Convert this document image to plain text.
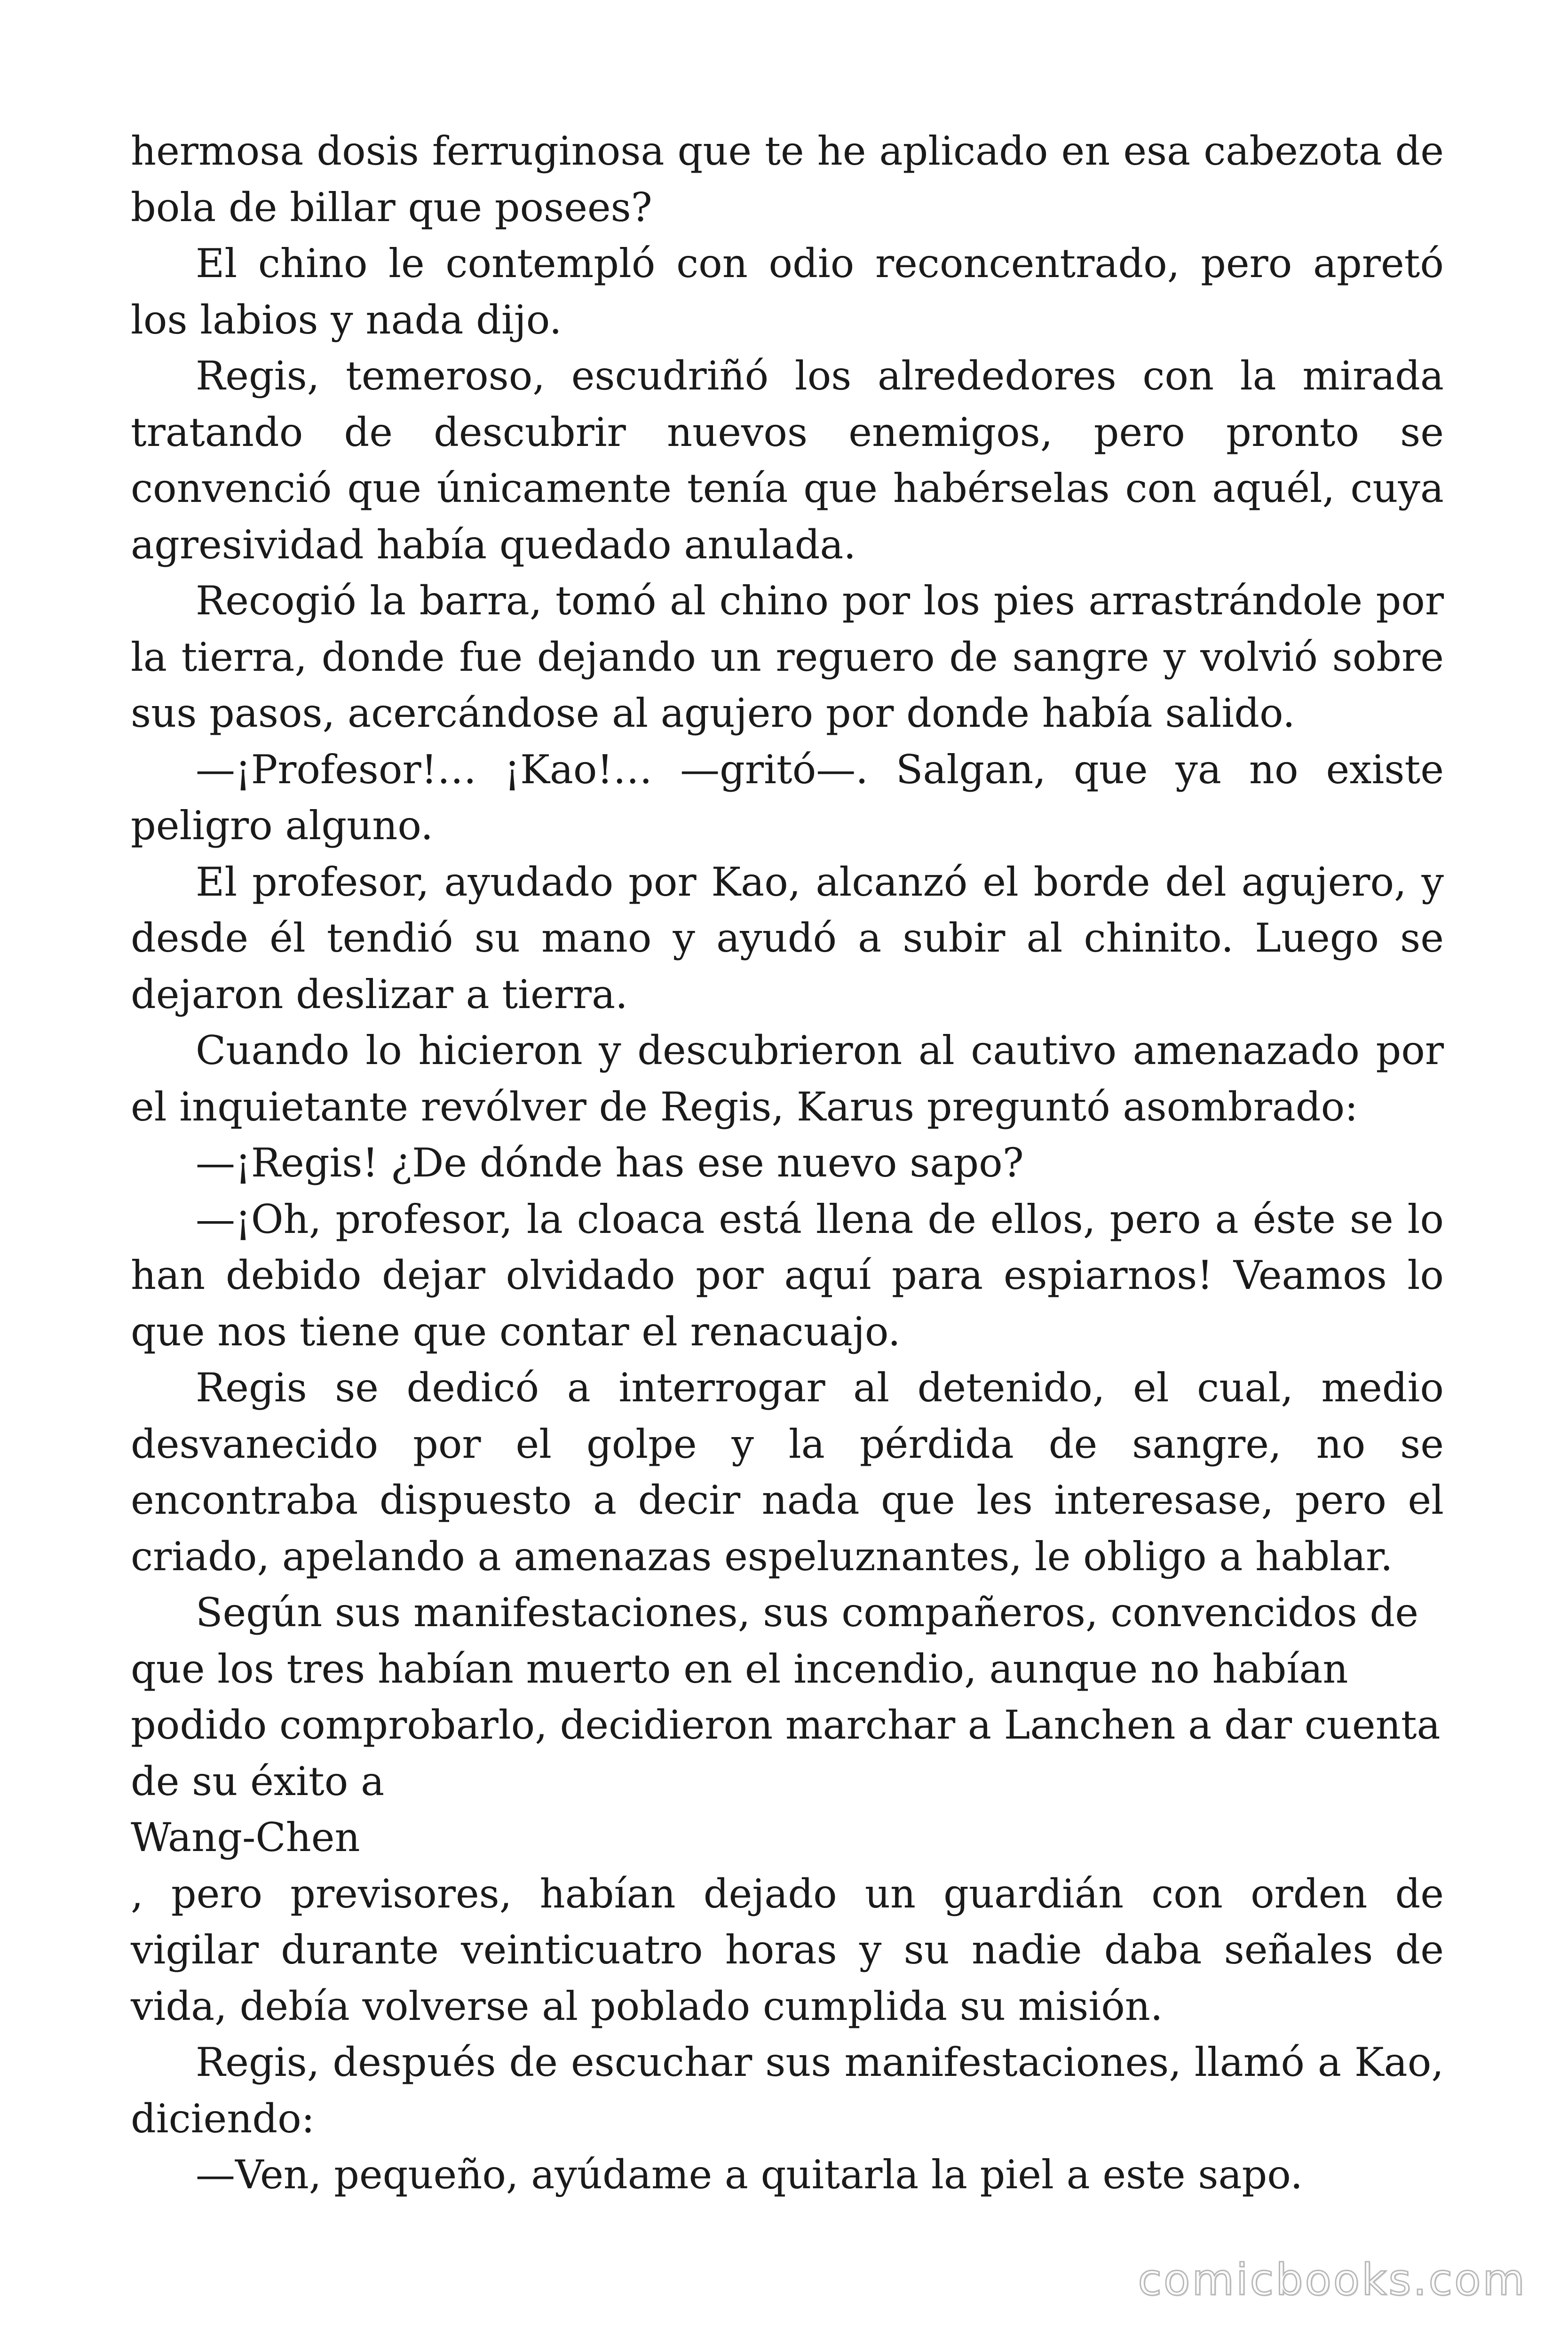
hermosa dosis ferruginosa que te he aplicado en esa cabezota de bola de billar que posees?

El chino le contempló con odio reconcentrado, pero apretó los labios y nada dijo.

Regis, temeroso, escudriñó los alrededores con la mirada tratando de descubrir nuevos enemigos, pero pronto se convenció que únicamente tenía que habérselas con aquél, cuya agresividad había quedado anulada.

Recogió la barra, tomó al chino por los pies arrastrándole por la tierra, donde fue dejando un reguero de sangre y volvió sobre sus pasos, acercándose al agujero por donde había salido.

—¡Profesor!… ¡Kao!… —gritó—. Salgan, que ya no existe peligro alguno.

El profesor, ayudado por Kao, alcanzó el borde del agujero, y desde él tendió su mano y ayudó a subir al chinito. Luego se dejaron deslizar a tierra.

Cuando lo hicieron y descubrieron al cautivo amenazado por el inquietante revólver de Regis, Karus preguntó asombrado:

—¡Regis! ¿De dónde has ese nuevo sapo?

—¡Oh, profesor, la cloaca está llena de ellos, pero a éste se lo han debido dejar olvidado por aquí para espiarnos! Veamos lo que nos tiene que contar el renacuajo.

Regis se dedicó a interrogar al detenido, el cual, medio desvanecido por el golpe y la pérdida de sangre, no se encontraba dispuesto a decir nada que les interesase, pero el criado, apelando a amenazas espeluznantes, le obligo a hablar.

Según sus manifestaciones, sus compañeros, convencidos de que los tres habían muerto en el incendio, aunque no habían podido comprobarlo, decidieron marchar a Lanchen a dar cuenta de su éxito a

Wang-Chen

, pero previsores, habían dejado un guardián con orden de vigilar durante veinticuatro horas y su nadie daba señales de vida, debía volverse al poblado cumplida su misión.

Regis, después de escuchar sus manifestaciones, llamó a Kao, diciendo:

—Ven, pequeño, ayúdame a quitarla la piel a este sapo.

comicbooks.com
